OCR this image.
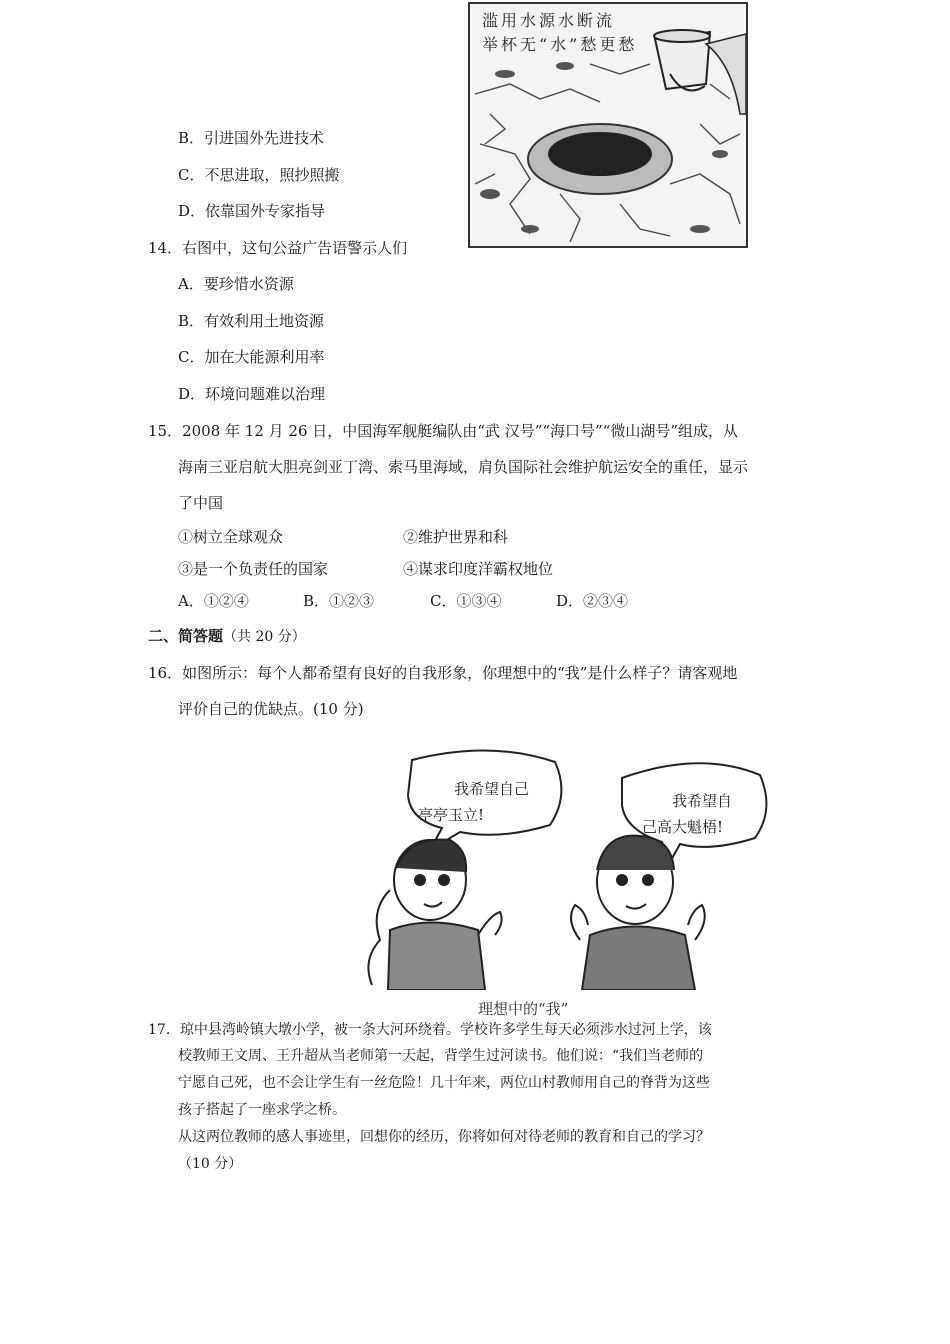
B．引进国外先进技术
C．不思进取，照抄照搬
D．依靠国外专家指导
滥用水源水断流
举杯无“水”愁更愁
14．右图中，这句公益广告语警示人们
A．要珍惜水资源
B．有效利用土地资源
C．加在大能源利用率
D．环境问题难以治理
15．2008 年 12 月 26 日，中国海军舰艇编队由“武 汉号”“海口号”“微山湖号”组成，从
海南三亚启航大胆亮剑亚丁湾、索马里海域，肩负国际社会维护航运安全的重任，显示
了中国
①树立全球观众	②维护世界和科
③是一个负责任的国家	④谋求印度洋霸权地位
A．①②④	B．①②③	C．①③④	D．②③④
二、简答题（共 20 分）
16．如图所示：每个人都希望有良好的自我形象，你理想中的“我”是什么样子？请客观地
评价自己的优缺点。(10 分)
我希望自己
亭亭玉立!
我希望自
己高大魁梧!
理想中的“我”
17．琼中县湾岭镇大墩小学，被一条大河环绕着。学校许多学生每天必须涉水过河上学，该
校教师王文周、王升超从当老师第一天起，背学生过河读书。他们说：“我们当老师的
宁愿自己死，也不会让学生有一丝危险！几十年来，两位山村教师用自己的脊背为这些
孩子搭起了一座求学之桥。
从这两位教师的感人事迹里，回想你的经历，你将如何对待老师的教育和自己的学习？
（10 分）
